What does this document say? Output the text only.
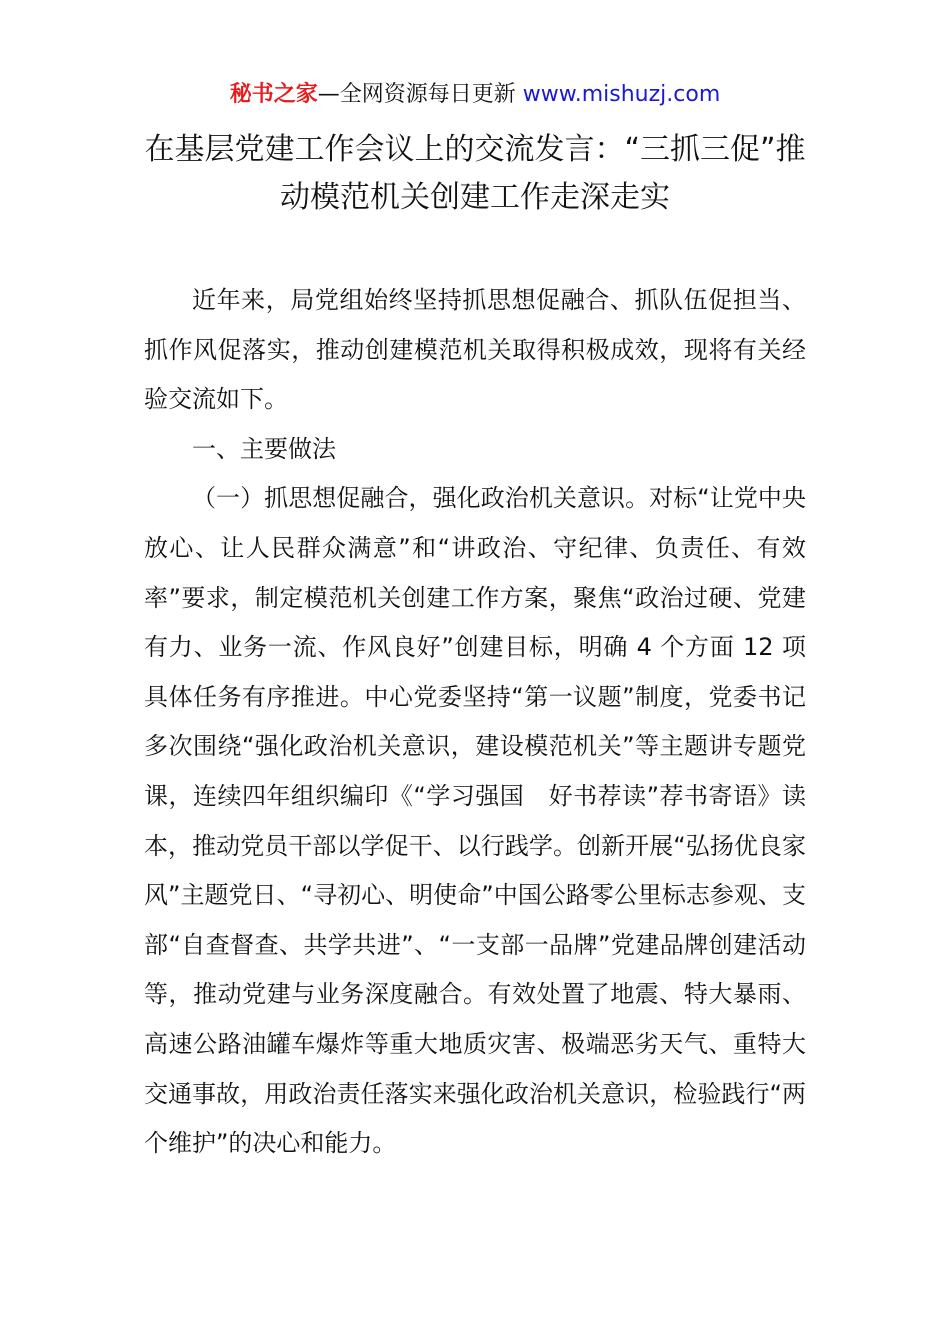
秘书之家—全网资源每日更新 www.mishuzj.com
在基层党建工作会议上的交流发言：“三抓三促”推动模范机关创建工作走深走实

近年来，局党组始终坚持抓思想促融合、抓队伍促担当、抓作风促落实，推动创建模范机关取得积极成效，现将有关经验交流如下。

一、主要做法

（一）抓思想促融合，强化政治机关意识。对标“让党中央放心、让人民群众满意”和“讲政治、守纪律、负责任、有效率”要求，制定模范机关创建工作方案，聚焦“政治过硬、党建有力、业务一流、作风良好”创建目标，明确 4 个方面 12 项具体任务有序推进。中心党委坚持“第一议题”制度，党委书记多次围绕“强化政治机关意识，建设模范机关”等主题讲专题党课，连续四年组织编印《“学习强国　好书荐读”荐书寄语》读本，推动党员干部以学促干、以行践学。创新开展“弘扬优良家风”主题党日、“寻初心、明使命”中国公路零公里标志参观、支部“自查督查、共学共进”、“一支部一品牌”党建品牌创建活动等，推动党建与业务深度融合。有效处置了地震、特大暴雨、高速公路油罐车爆炸等重大地质灾害、极端恶劣天气、重特大交通事故，用政治责任落实来强化政治机关意识，检验践行“两个维护”的决心和能力。
